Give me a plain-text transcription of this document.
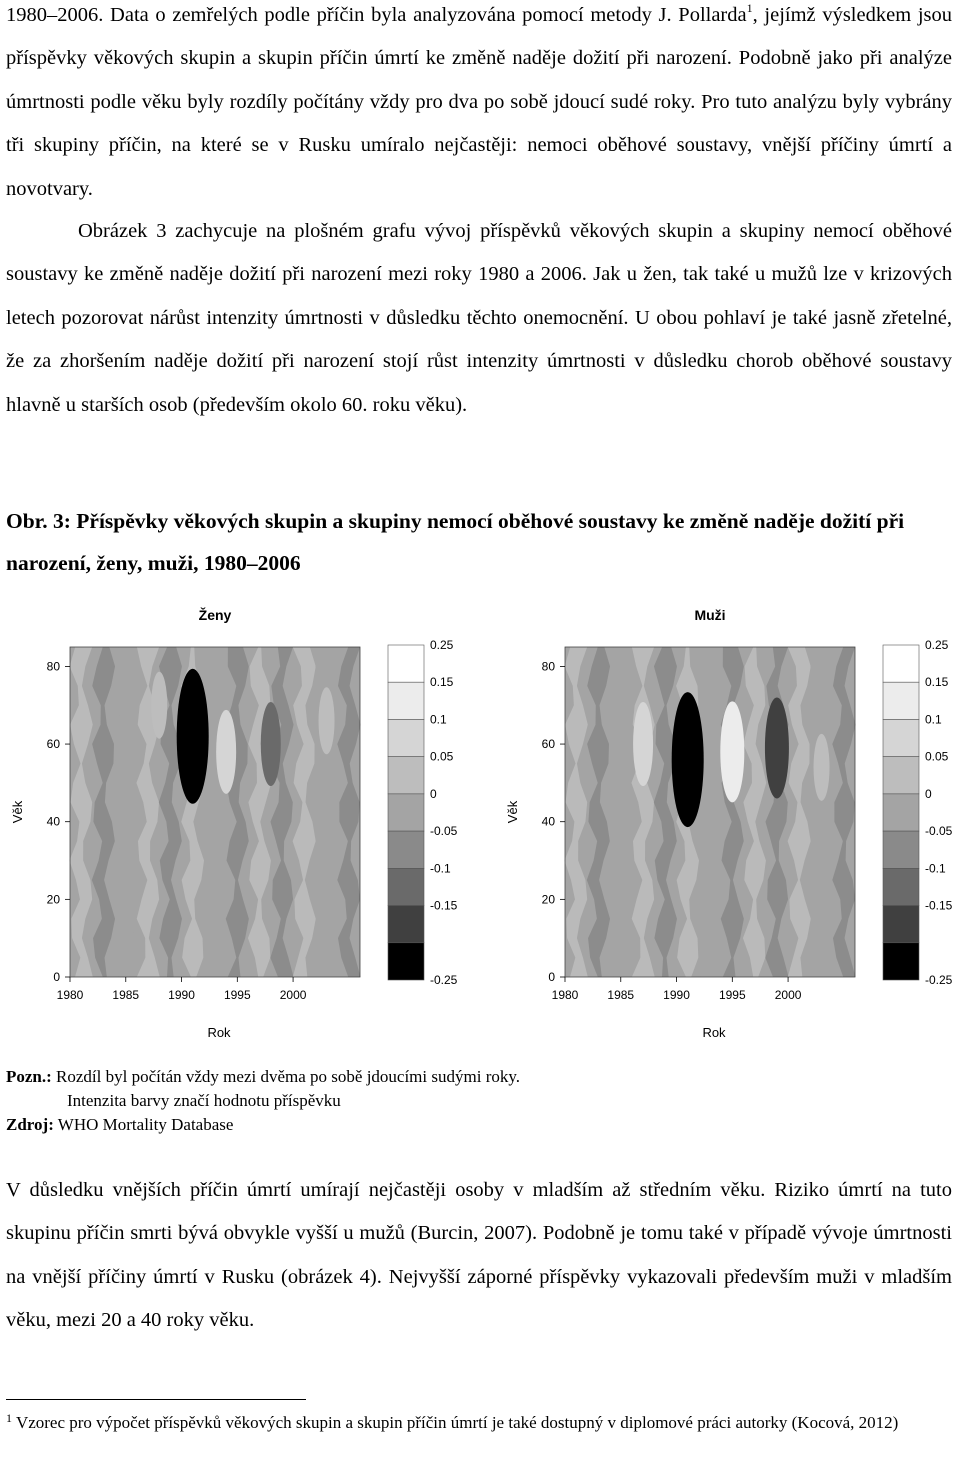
1980–2006. Data o zemřelých podle příčin byla analyzována pomocí metody J. Pollarda$^1$, jejímž výsledkem jsou příspěvky věkových skupin a skupin příčin úmrtí ke změně naděje dožití při narození. Podobně jako při analýze úmrtnosti podle věku byly rozdíly počítány vždy pro dva po sobě jdoucí sudé roky. Pro tuto analýzu byly vybrány tři skupiny příčin, na které se v Rusku umíralo nejčastěji: nemoci oběhové soustavy, vnější příčiny úmrtí a novotvary.

Obrázek 3 zachycuje na plošném grafu vývoj příspěvků věkových skupin a skupiny nemocí oběhové soustavy ke změně naděje dožití při narození mezi roky 1980 a 2006. Jak u žen, tak také u mužů lze v krizových letech pozorovat nárůst intenzity úmrtnosti v důsledku těchto onemocnění. U obou pohlaví je také jasně zřetelné, že za zhoršením naděje dožití při narození stojí růst intenzity úmrtnosti v důsledku chorob oběhové soustavy hlavně u starších osob (především okolo 60. roku věku).

Obr. 3: Příspěvky věkových skupin a skupiny nemocí oběhové soustavy ke změně naděje dožití při narození, ženy, muži, 1980–2006

Ženy
0
20
40
60
80
1980 1985 1990 1995 2000
Rok
Věk
0.25
0.15
0.1
0.05
0
-0.05
-0.1
-0.15
-0.25
Muži
0
20
40
60
80
1980 1985 1990 1995 2000
Rok
Věk
0.25
0.15
0.1
0.05
0
-0.05
-0.1
-0.15
-0.25

Pozn.: Rozdíl byl počítán vždy mezi dvěma po sobě jdoucími sudými roky.

Intenzita barvy značí hodnotu příspěvku

Zdroj: WHO Mortality Database

V důsledku vnějších příčin úmrtí umírají nejčastěji osoby v mladším až středním věku. Riziko úmrtí na tuto skupinu příčin smrti bývá obvykle vyšší u mužů (Burcin, 2007). Podobně je tomu také v případě vývoje úmrtnosti na vnější příčiny úmrtí v Rusku (obrázek 4). Nejvyšší záporné příspěvky vykazovali především muži v mladším věku, mezi 20 a 40 roky věku.

$^1$ Vzorec pro výpočet příspěvků věkových skupin a skupin příčin úmrtí je také dostupný v diplomové práci autorky (Kocová, 2012)
